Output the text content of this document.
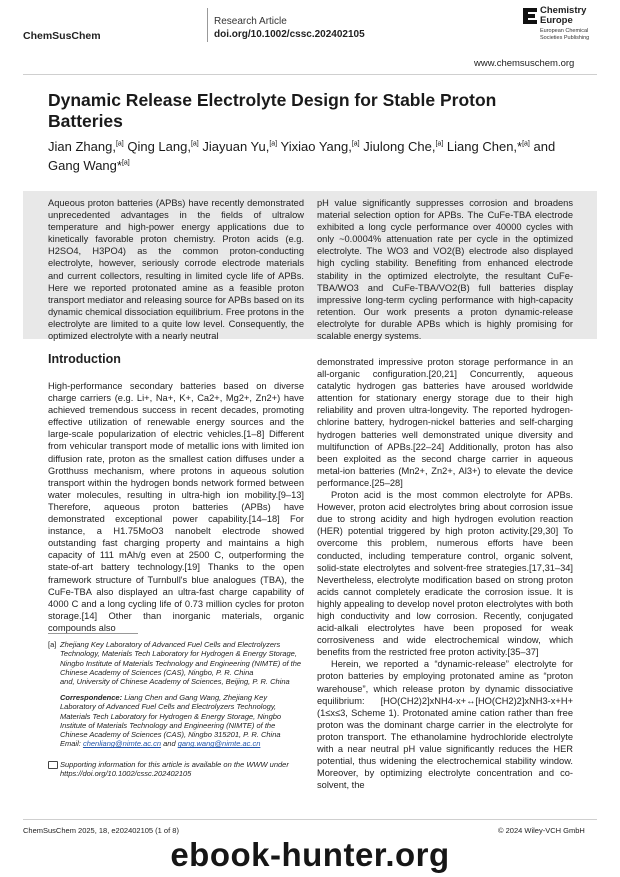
ChemSusChem
Research Article
doi.org/10.1002/cssc.202402105
Chemistry Europe
European Chemical Societies Publishing
www.chemsuschem.org
Dynamic Release Electrolyte Design for Stable Proton Batteries
Jian Zhang,[a] Qing Lang,[a] Jiayuan Yu,[a] Yixiao Yang,[a] Jiulong Che,[a] Liang Chen,*[a] and Gang Wang*[a]
Aqueous proton batteries (APBs) have recently demonstrated unprecedented advantages in the fields of ultralow temperature and high-power energy applications due to kinetically favorable proton chemistry. Proton acids (e.g. H2SO4, H3PO4) as the common proton-conducting electrolyte, however, seriously corrode electrode materials and current collectors, resulting in limited cycle life of APBs. Here we reported protonated amine as a feasible proton transport mediator and releasing source for APBs based on its dynamic chemical dissociation equilibrium. Free protons in the electrolyte are limited to a quite low level. Consequently, the optimized electrolyte with a nearly neutral
pH value significantly suppresses corrosion and broadens material selection option for APBs. The CuFe-TBA electrode exhibited a long cycle performance over 40000 cycles with only ~0.0004% attenuation rate per cycle in the optimized electrolyte. The WO3 and VO2(B) electrode also displayed high cycling stability. Benefiting from enhanced electrode stability in the optimized electrolyte, the resultant CuFe-TBA/WO3 and CuFe-TBA/VO2(B) full batteries display impressive long-term cycling performance with high-capacity retention. Our work presents a proton dynamic-release electrolyte for durable APBs which is highly promising for scalable energy systems.
Introduction

High-performance secondary batteries based on diverse charge carriers (e.g. Li+, Na+, K+, Ca2+, Mg2+, Zn2+) have achieved tremendous success in recent decades, promoting effective utilization of renewable energy sources and the large-scale popularization of electric vehicles.[1–8] Different from vehicular transport mode of metallic ions with limited ion diffusion rate, proton as the smallest cation diffuses under a Grotthuss mechanism, where protons in aqueous solution transport within the hydrogen bonds network formed between water molecules, resulting in ultra-high ion mobility.[9–13] Therefore, aqueous proton batteries (APBs) have demonstrated exceptional power capability.[14–18] For instance, a H1.75MoO3 nanobelt electrode showed outstanding fast charging property and maintains a high capacity of 111 mAh/g even at 2500 C, outperforming the state-of-art battery technology.[19] Thanks to the open framework structure of Turnbull's blue analogues (TBA), the CuFe-TBA also displayed an ultra-fast charge capability of 4000 C and a long cycling life of 0.73 million cycles for proton storage.[14] Other than inorganic materials, organic compounds also

demonstrated impressive proton storage performance in an all-organic configuration.[20,21] Concurrently, aqueous catalytic hydrogen gas batteries have aroused worldwide attention for stationary energy storage due to their high reliability and proven ultra-longevity. The reported hydrogen-chlorine battery, hydrogen-nickel batteries and self-charging hydrogen batteries well demonstrated unique diversity and multifunction of APBs.[22–24] Additionally, proton has also been exploited as the second charge carrier in aqueous metal-ion batteries (Mn2+, Zn2+, Al3+) to elevate the device performance.[25–28]

Proton acid is the most common electrolyte for APBs. However, proton acid electrolytes bring about corrosion issue due to strong acidity and high hydrogen evolution reaction (HER) potential triggered by high proton activity.[29,30] To overcome this problem, numerous efforts have been conducted, including temperature control, organic solvent, solid-state electrolytes and solvent-free strategies.[17,31–34] Nevertheless, electrolyte modification based on strong proton acids cannot completely eradicate the corrosion issue. It is highly appealing to develop novel proton electrolytes with both high conductivity and low corrosion. Recently, conjugated acid-alkali electrolytes have been proposed for weak corrosiveness and wide electrochemical window, which benefits from the restricted free proton activity.[35–37]

Herein, we reported a “dynamic-release” electrolyte for proton batteries by employing protonated amine as “proton warehouse”, which release proton by dynamic dissociative equilibrium: [HO(CH2)2]xNH4-x+↔[HO(CH2)2]xNH3-x+H+ (1≤x≤3, Scheme 1). Protonated amine cation rather than free proton was the dominant charge carrier in the electrolyte for proton transport. The ethanolamine hydrochloride electrolyte with a near neutral pH value significantly reduces the HER potential, thus widening the electrochemical stability window. Moreover, by optimizing electrolyte concentration and co-solvent, the

[a] Zhejiang Key Laboratory of Advanced Fuel Cells and Electrolyzers Technology, Materials Tech Laboratory for Hydrogen & Energy Storage, Ningbo Institute of Materials Technology and Engineering (NIMTE) of the Chinese Academy of Sciences (CAS), Ningbo, P. R. China
and, University of Chinese Academy of Sciences, Beijing, P. R. China
Correspondence: Liang Chen and Gang Wang, Zhejiang Key Laboratory of Advanced Fuel Cells and Electrolyzers Technology, Materials Tech Laboratory for Hydrogen & Energy Storage, Ningbo Institute of Materials Technology and Engineering (NIMTE) of the Chinese Academy of Sciences (CAS), Ningbo 315201, P. R. China
Email: chenliang@nimte.ac.cn and gang.wang@nimte.ac.cn
Supporting information for this article is available on the WWW under https://doi.org/10.1002/cssc.202402105
ChemSusChem 2025, 18, e202402105 (1 of 8)	© 2024 Wiley-VCH GmbH
ebook-hunter.org
